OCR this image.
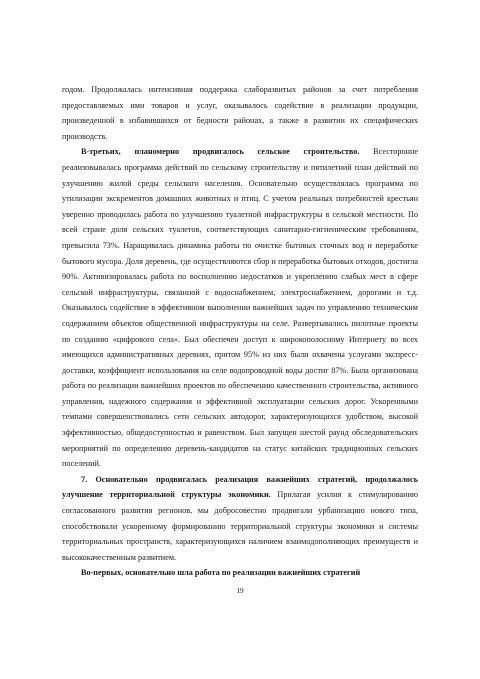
годом. Продолжалась интенсивная поддержка слаборазвитых районов за счет потребления предоставляемых ими товаров и услуг, оказывалось содействие в реализации продукции, произведенной в избавившихся от бедности районах, а также в развитии их специфических производств.

В-третьих, планомерно продвигалось сельское строительство. Всесторонне реализовывалась программа действий по сельскому строительству и пятилетний план действий по улучшению жилой среды сельского населения. Основательно осуществлялась программа по утилизации экскрементов домашних животных и птиц. С учетом реальных потребностей крестьян уверенно проводилась работа по улучшению туалетной инфраструктуры в сельской местности. По всей стране доля сельских туалетов, соответствующих санитарно-гигиеническим требованиям, превысила 73%. Наращивалась динамика работы по очистке бытовых сточных вод и переработке бытового мусора. Доля деревень, где осуществляются сбор и переработка бытовых отходов, достигла 90%. Активизировалась работа по восполнению недостатков и укреплению слабых мест в сфере сельской инфраструктуры, связанной с водоснабжением, электроснабжением, дорогами и т.д. Оказывалось содействие в эффективном выполнении важнейших задач по управлению техническим содержанием объектов общественной инфраструктуры на селе. Развертывались пилотные проекты по созданию «цифрового села». Был обеспечен доступ к широкополосному Интернету во всех имеющихся административных деревнях, притом 95% из них были охвачены услугами экспресс-доставки, коэффициент использования на селе водопроводной воды достиг 87%. Была организована работа по реализации важнейших проектов по обеспечению качественного строительства, активного управления, надежного содержания и эффективной эксплуатации сельских дорог. Ускоренными темпами совершенствовались сети сельских автодорог, характеризующихся удобством, высокой эффективностью, общедоступностью и равенством. Был запущен шестой раунд обследовательских мероприятий по определению деревень-кандидатов на статус китайских традиционных сельских поселений.

7. Основательно продвигалась реализация важнейших стратегий, продолжалось улучшение территориальной структуры экономики. Прилагая усилия к стимулированию согласованного развития регионов, мы добросовестно продвигали урбанизацию нового типа, способствовали ускоренному формированию территориальной структуры экономики и системы территориальных пространств, характеризующихся наличием взаимодополняющих преимуществ и высококачественным развитием.

Во-первых, основательно шла работа по реализации важнейших стратегий

19
